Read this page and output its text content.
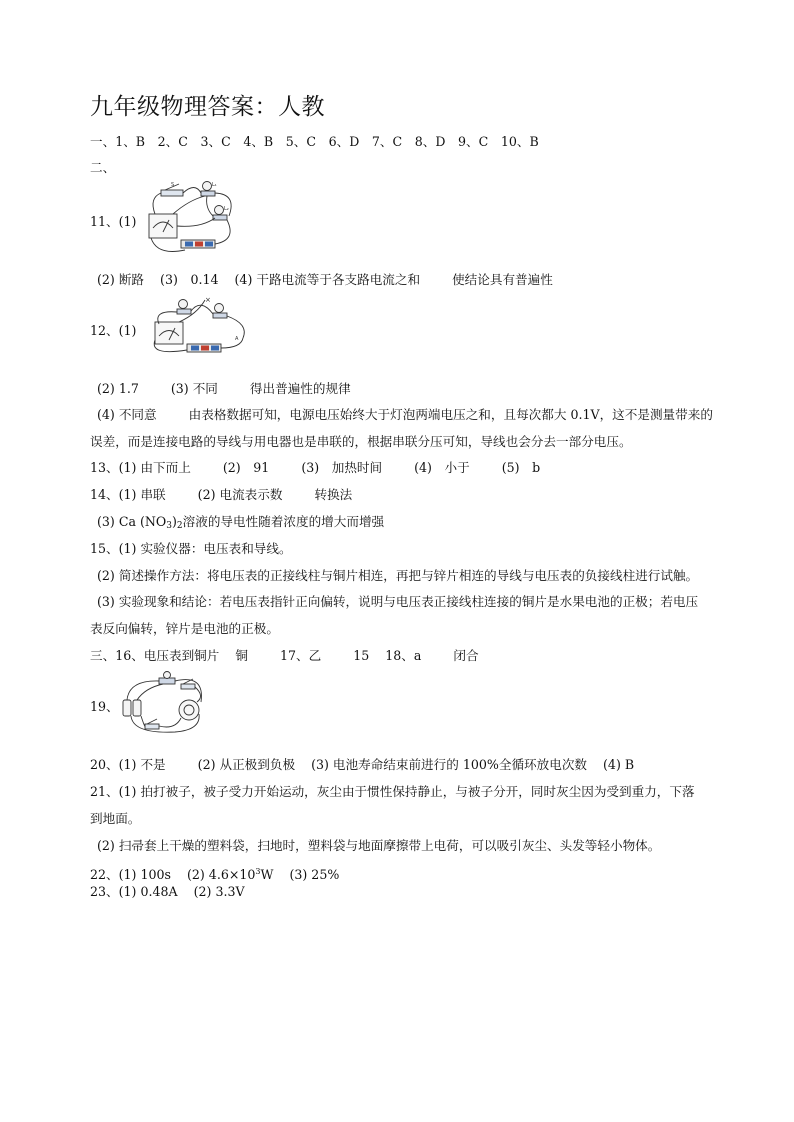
九年级物理答案：人教
一、1、B　2、C　3、C　4、B　5、C　6、D　7、C　8、D　9、C　10、B
二、
S	L₁
L₂
11、(1)
(2) 断路 (3)　0.14 (4) 干路电流等于各支路电流之和	使结论具有普遍性
×
A
12、(1)
(2) 1.7	(3) 不同	得出普遍性的规律
(4) 不同意	由表格数据可知，电源电压始终大于灯泡两端电压之和，且每次都大 0.1V，这不是测量带来的
误差，而是连接电路的导线与用电器也是串联的，根据串联分压可知，导线也会分去一部分电压。
13、(1) 由下而上	(2)　91	(3)　加热时间	(4)　小于	(5)　b
14、(1) 串联	(2) 电流表示数	转换法
(3) Ca $(NO_3)_2$溶液的导电性随着浓度的增大而增强
15、(1) 实验仪器：电压表和导线。
(2) 简述操作方法：将电压表的正接线柱与铜片相连，再把与锌片相连的导线与电压表的负接线柱进行试触。
(3) 实验现象和结论：若电压表指针正向偏转，说明与电压表正接线柱连接的铜片是水果电池的正极；若电压
表反向偏转，锌片是电池的正极。
三、16、电压表到铜片 铜	17、乙	15 18、a	闭合
19、
20、(1) 不是	(2) 从正极到负极 (3) 电池寿命结束前进行的 100%全循环放电次数 (4) B
21、(1) 拍打被子，被子受力开始运动，灰尘由于惯性保持静止，与被子分开，同时灰尘因为受到重力，下落
到地面。
(2) 扫帚套上干燥的塑料袋，扫地时，塑料袋与地面摩擦带上电荷，可以吸引灰尘、头发等轻小物体。
22、(1) 100s (2) $4.6\times 10^3W$ (3) 25%
23、(1) 0.48A (2) 3.3V
